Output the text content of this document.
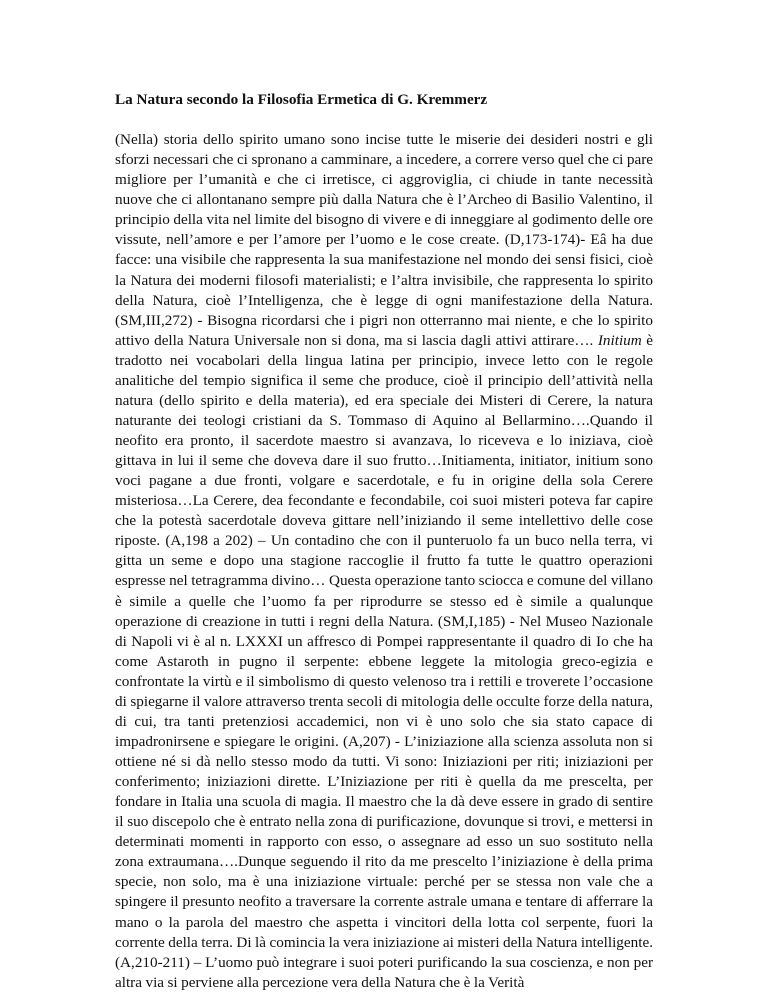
La Natura secondo la Filosofia Ermetica di G. Kremmerz

(Nella) storia dello spirito umano sono incise tutte le miserie dei desideri nostri e gli sforzi necessari che ci spronano a camminare, a incedere, a correre verso quel che ci pare migliore per l’umanità e che ci irretisce, ci aggroviglia, ci chiude in tante necessità nuove che ci allontanano sempre più dalla Natura che è l’Archeo di Basilio Valentino, il principio della vita nel limite del bisogno di vivere e di inneggiare al godimento delle ore vissute, nell’amore e per l’amore per l’uomo e le cose create. (D,173-174)- Eâ ha due facce: una visibile che rappresenta la sua manifestazione nel mondo dei sensi fisici, cioè la Natura dei moderni filosofi materialisti; e l’altra invisibile, che rappresenta lo spirito della Natura, cioè l’Intelligenza, che è legge di ogni manifestazione della Natura. (SM,III,272) - Bisogna ricordarsi che i pigri non otterranno mai niente, e che lo spirito attivo della Natura Universale non si dona, ma si lascia dagli attivi attirare…. Initium è tradotto nei vocabolari della lingua latina per principio, invece letto con le regole analitiche del tempio significa il seme che produce, cioè il principio dell’attività nella natura (dello spirito e della materia), ed era speciale dei Misteri di Cerere, la natura naturante dei teologi cristiani da S. Tommaso di Aquino al Bellarmino….Quando il neofito era pronto, il sacerdote maestro si avanzava, lo riceveva e lo iniziava, cioè gittava in lui il seme che doveva dare il suo frutto…Initiamenta, initiator, initium sono voci pagane a due fronti, volgare e sacerdotale, e fu in origine della sola Cerere misteriosa…La Cerere, dea fecondante e fecondabile, coi suoi misteri poteva far capire che la potestà sacerdotale doveva gittare nell’iniziando il seme intellettivo delle cose riposte. (A,198 a 202) – Un contadino che con il punteruolo fa un buco nella terra, vi gitta un seme e dopo una stagione raccoglie il frutto fa tutte le quattro operazioni espresse nel tetragramma divino… Questa operazione tanto sciocca e comune del villano è simile a quelle che l’uomo fa per riprodurre se stesso ed è simile a qualunque operazione di creazione in tutti i regni della Natura. (SM,I,185) - Nel Museo Nazionale di Napoli vi è al n. LXXXI un affresco di Pompei rappresentante il quadro di Io che ha come Astaroth in pugno il serpente: ebbene leggete la mitologia greco-egizia e confrontate la virtù e il simbolismo di questo velenoso tra i rettili e troverete l’occasione di spiegarne il valore attraverso trenta secoli di mitologia delle occulte forze della natura, di cui, tra tanti pretenziosi accademici, non vi è uno solo che sia stato capace di impadronirsene e spiegare le origini. (A,207) - L’iniziazione alla scienza assoluta non si ottiene né si dà nello stesso modo da tutti. Vi sono: Iniziazioni per riti; iniziazioni per conferimento; iniziazioni dirette. L’Iniziazione per riti è quella da me prescelta, per fondare in Italia una scuola di magia. Il maestro che la dà deve essere in grado di sentire il suo discepolo che è entrato nella zona di purificazione, dovunque si trovi, e mettersi in determinati momenti in rapporto con esso, o assegnare ad esso un suo sostituto nella zona extraumana….Dunque seguendo il rito da me prescelto l’iniziazione è della prima specie, non solo, ma è una iniziazione virtuale: perché per se stessa non vale che a spingere il presunto neofito a traversare la corrente astrale umana e tentare di afferrare la mano o la parola del maestro che aspetta i vincitori della lotta col serpente, fuori la corrente della terra. Di là comincia la vera iniziazione ai misteri della Natura intelligente. (A,210-211) – L’uomo può integrare i suoi poteri purificando la sua coscienza, e non per altra via si perviene alla percezione vera della Natura che è la Verità
